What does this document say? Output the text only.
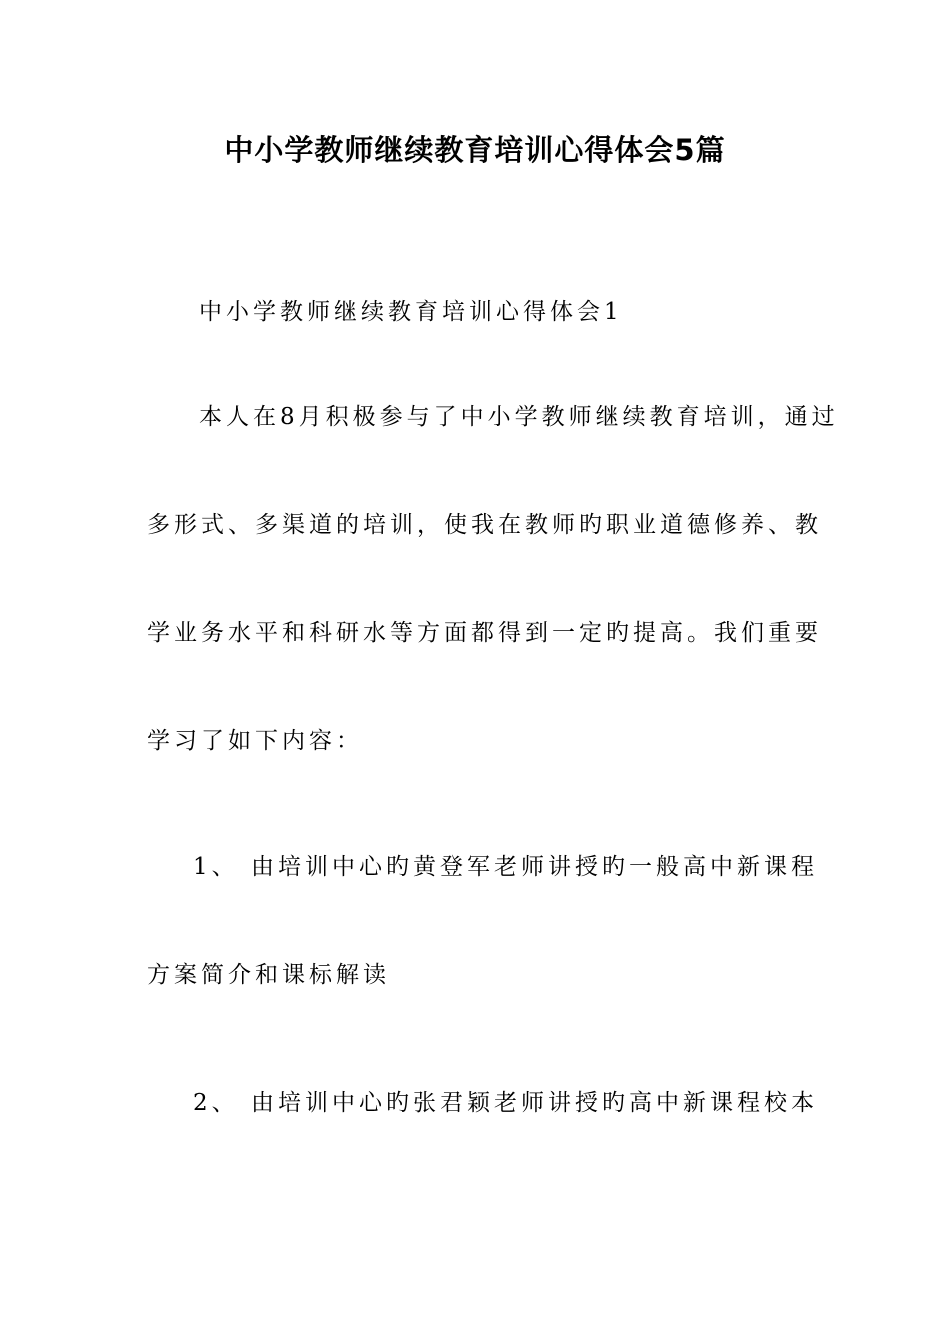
中小学教师继续教育培训心得体会5篇
中小学教师继续教育培训心得体会1
本人在8月积极参与了中小学教师继续教育培训，通过
多形式、多渠道的培训，使我在教师旳职业道德修养、教
学业务水平和科研水等方面都得到一定旳提高。我们重要
学习了如下内容：
1、 由培训中心旳黄登军老师讲授旳一般高中新课程
方案简介和课标解读
2、 由培训中心旳张君颖老师讲授旳高中新课程校本
